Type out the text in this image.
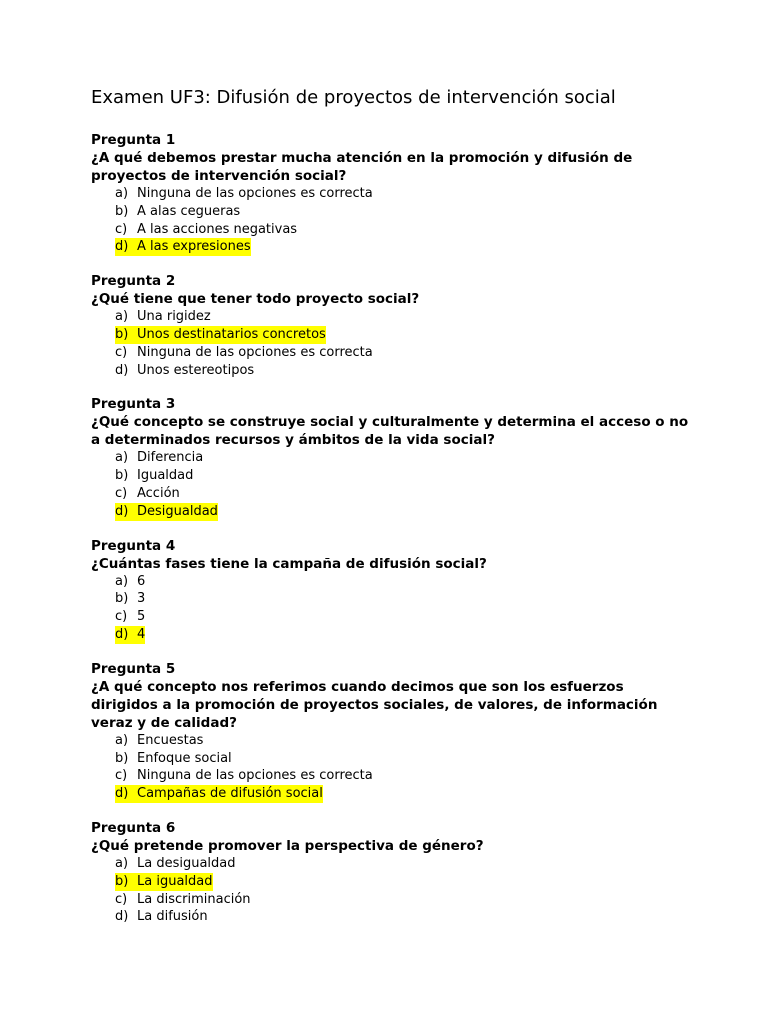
Examen UF3: Difusión de proyectos de intervención social

Pregunta 1

¿A qué debemos prestar mucha atención en la promoción y difusión de proyectos de intervención social?

a) Ninguna de las opciones es correcta
b) A alas cegueras
c) A las acciones negativas
d) A las expresiones

Pregunta 2

¿Qué tiene que tener todo proyecto social?

a) Una rigidez
b) Unos destinatarios concretos
c) Ninguna de las opciones es correcta
d) Unos estereotipos

Pregunta 3

¿Qué concepto se construye social y culturalmente y determina el acceso o no a determinados recursos y ámbitos de la vida social?

a) Diferencia
b) Igualdad
c) Acción
d) Desigualdad

Pregunta 4

¿Cuántas fases tiene la campaña de difusión social?

a) 6
b) 3
c) 5
d) 4

Pregunta 5

¿A qué concepto nos referimos cuando decimos que son los esfuerzos dirigidos a la promoción de proyectos sociales, de valores, de información veraz y de calidad?

a) Encuestas
b) Enfoque social
c) Ninguna de las opciones es correcta
d) Campañas de difusión social

Pregunta 6

¿Qué pretende promover la perspectiva de género?

a) La desigualdad
b) La igualdad
c) La discriminación
d) La difusión
